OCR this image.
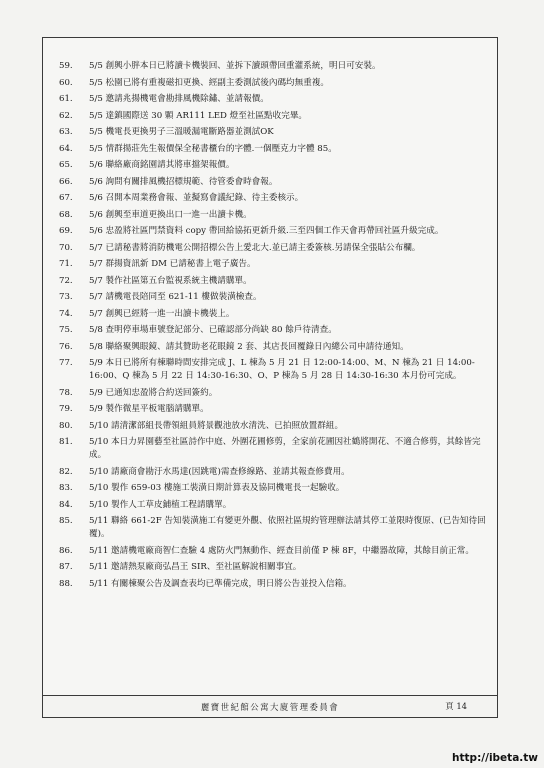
59.	5/5 創興小胖本日已將讀卡機裝回、並拆下讀頭帶回重灌系統，明日可安裝。
60.	5/5 松園已將有重複磁扣更換、經副主委測試後內碼均無重複。
61.	5/5 邀請兆揚機電會勘排風機除鏽、並請報價。
62.	5/5 達鎮國際送 30 顆 AR111 LED 燈至社區點收完畢。
63.	5/5 機電長更換男子三溫暖漏電斷路器並測試OK
64.	5/5 情群揚莊先生報價保全秘書櫃台的字體.一個壓克力字體 85。
65.	5/6 聯絡廠商銘園請其將車擋架報價。
66.	5/6 詢問有關排風機招標規範、待管委會時會報。
67.	5/6 召開本周業務會報、並擬寫會議紀錄、待主委核示。
68.	5/6 創興至車道更換出口一進一出讀卡機。
69.	5/6 忠盈將社區門禁資料 copy 帶回給協拓更新升級.三至四個工作天會再帶回社區升級完成。
70.	5/7 已請秘書將消防機電公開招標公告上愛北大.並已請主委簽核.另請保全張貼公布欄。
71.	5/7 群揚資訊新 DM 已請秘書上電子廣告。
72.	5/7 製作社區第五台監視系統主機請購單。
73.	5/7 請機電長陪同至 621-11 樓做裝潢檢查。
74.	5/7 創興已經將一進一出讀卡機裝上。
75.	5/8 查明停車場車號登記部分、已確認部分尚缺 80 餘戶待清查。
76.	5/8 聯絡聚興眼鏡、請其贊助老花眼鏡 2 套、其店長回覆錄日內總公司申請待通知。
77.	5/9 本日已將所有棟聯時間安排完成 J、L 棟為 5 月 21 日 12:00-14:00、M、N 棟為 21 日 14:00-16:00、Q 棟為 5 月 22 日 14:30-16:30、O、P 棟為 5 月 28 日 14:30-16:30 本月份可完成。
78.	5/9 已通知忠盈將合約送回簽約。
79.	5/9 製作微星平板電腦請購單。
80.	5/10 請清潔部組長帶領組員將景觀池放水清洗、已拍照放置群組。
81.	5/10 本日力昇園藝至社區詩作中庭、外圍花圃修剪，全家前花圃因社鶴將開花、不適合修剪，其餘皆完成。
82.	5/10 請廠商會勘汙水馬達(因跳電)需查修線路、並請其報查修費用。
83.	5/10 製作 659-03 樓施工裝潢日期計算表及協同機電長一起驗收。
84.	5/10 製作人工草皮鋪植工程請購單。
85.	5/11 聯絡 661-2F 告知裝潢施工有變更外觀、依照社區規約管理辦法請其停工並限時復原、(已告知待回覆)。
86.	5/11 邀請機電廠商智仁查驗 4 處防火門無動作、經查目前僅 P 棟 8F，中繼器故障，其餘目前正常。
87.	5/11 邀請熱泵廠商弘昌王 SIR、至社區解說相關事宜。
88.	5/11 有關棟聚公告及調查表均已準備完成，明日將公告並投入信箱。
麗寶世紀館公寓大廈管理委員會	頁 14
http://ibeta.tw
